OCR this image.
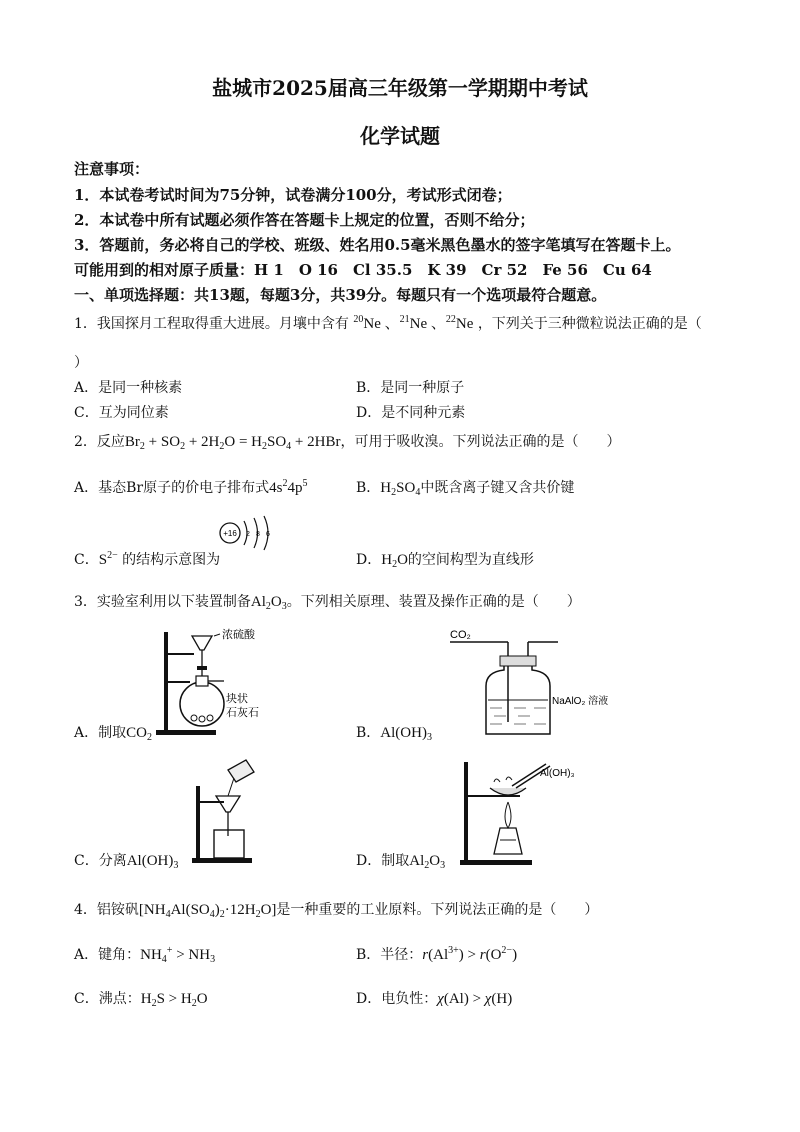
盐城市2025届高三年级第一学期期中考试
化学试题
注意事项：
1．本试卷考试时间为75分钟，试卷满分100分，考试形式闭卷；
2．本试卷中所有试题必须作答在答题卡上规定的位置，否则不给分；
3．答题前，务必将自己的学校、班级、姓名用0.5毫米黑色墨水的签字笔填写在答题卡上。
可能用到的相对原子质量：H 1　O 16　Cl 35.5　K 39　Cr 52　Fe 56　Cu 64
一、单项选择题：共13题，每题3分，共39分。每题只有一个选项最符合题意。
1．我国探月工程取得重大进展。月壤中含有 $^{20}$Ne 、$^{21}$Ne 、$^{22}$Ne ，下列关于三种微粒说法正确的是（
）
A．是同一种核素	B．是同一种原子
C．互为同位素	D．是不同种元素
2．反应$Br_2 + SO_2 + 2H_2O = H_2SO_4 + 2HBr$，可用于吸收溴。下列说法正确的是（　　）
A．基态Br原子的价电子排布式$4s^24p^5$	B．$H_2SO_4$中既含离子键又含共价键
C．$S^{2-}$ 的结构示意图为
+16 2 8 6
D．$H_2O$的空间构型为直线形
3．实验室利用以下装置制备$Al_2O_3$。下列相关原理、装置及操作正确的是（　　）
浓硫酸
块状
石灰石
A．制取$CO_2$
CO₂
NaAlO₂ 溶液
B．$Al(OH)_3$
C．分离$Al(OH)_3$
Al(OH)₃
D．制取$Al_2O_3$
4．铝铵矾$[NH_4Al(SO_4)_2\cdot 12H_2O]$是一种重要的工业原料。下列说法正确的是（　　）
A．键角：$NH_4^+ > NH_3$	B．半径：$r(Al^{3+}) > r(O^{2-})$
C．沸点：$H_2S > H_2O$	D．电负性：χ(Al) > χ(H)
